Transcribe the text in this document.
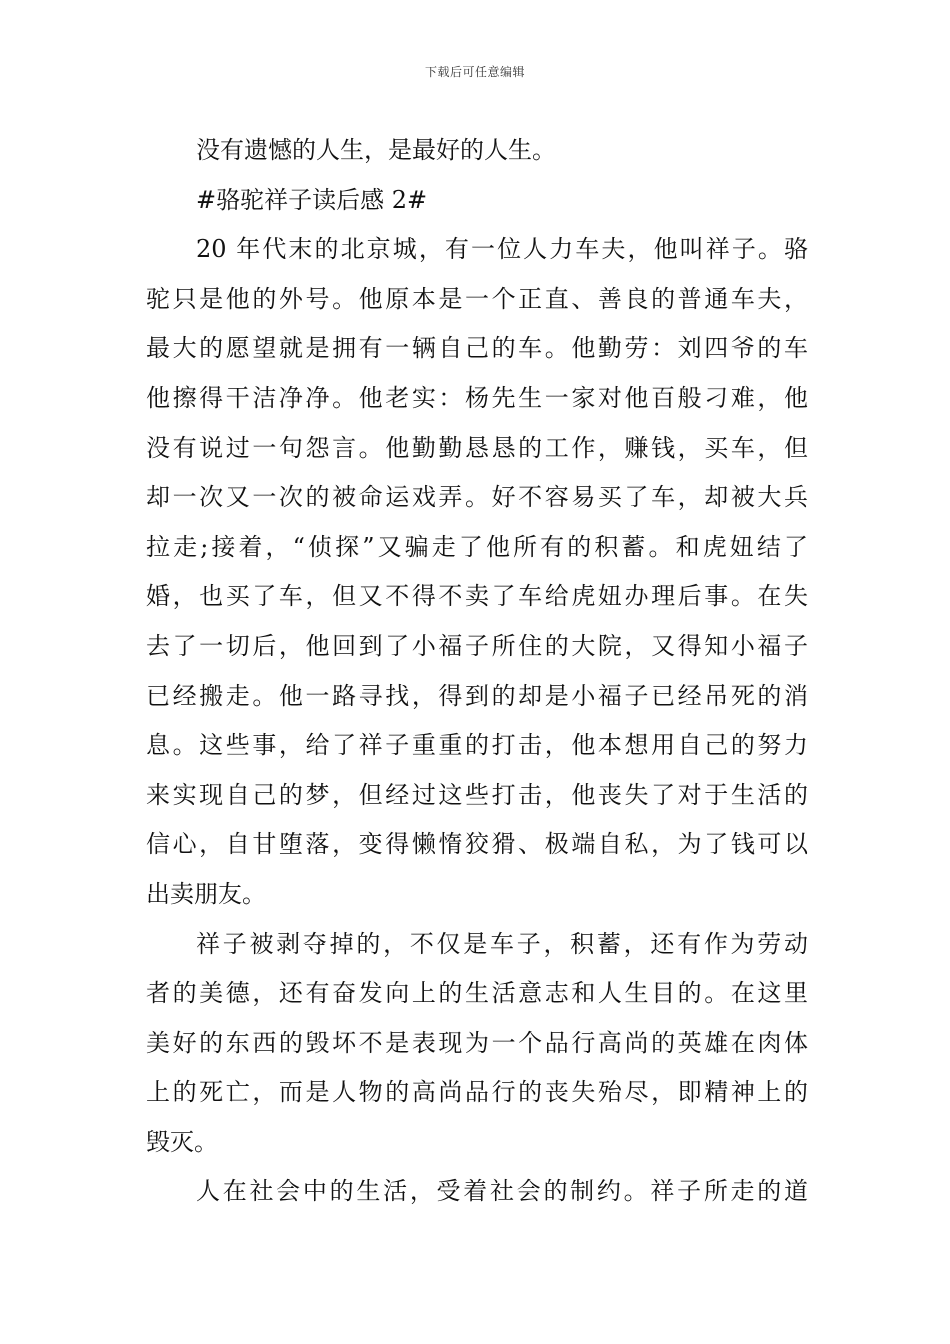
下载后可任意编辑
没有遗憾的人生，是最好的人生。
#骆驼祥子读后感 2#
20 年代末的北京城，有一位人力车夫，他叫祥子。骆
驼只是他的外号。他原本是一个正直、善良的普通车夫，
最大的愿望就是拥有一辆自己的车。他勤劳：刘四爷的车
他擦得干洁净净。他老实：杨先生一家对他百般刁难，他
没有说过一句怨言。他勤勤恳恳的工作，赚钱，买车，但
却一次又一次的被命运戏弄。好不容易买了车，却被大兵
拉走;接着，“侦探”又骗走了他所有的积蓄。和虎妞结了
婚，也买了车，但又不得不卖了车给虎妞办理后事。在失
去了一切后，他回到了小福子所住的大院，又得知小福子
已经搬走。他一路寻找，得到的却是小福子已经吊死的消
息。这些事，给了祥子重重的打击，他本想用自己的努力
来实现自己的梦，但经过这些打击，他丧失了对于生活的
信心，自甘堕落，变得懒惰狡猾、极端自私，为了钱可以
出卖朋友。
祥子被剥夺掉的，不仅是车子，积蓄，还有作为劳动
者的美德，还有奋发向上的生活意志和人生目的。在这里
美好的东西的毁坏不是表现为一个品行高尚的英雄在肉体
上的死亡，而是人物的高尚品行的丧失殆尽，即精神上的
毁灭。
人在社会中的生活，受着社会的制约。祥子所走的道
